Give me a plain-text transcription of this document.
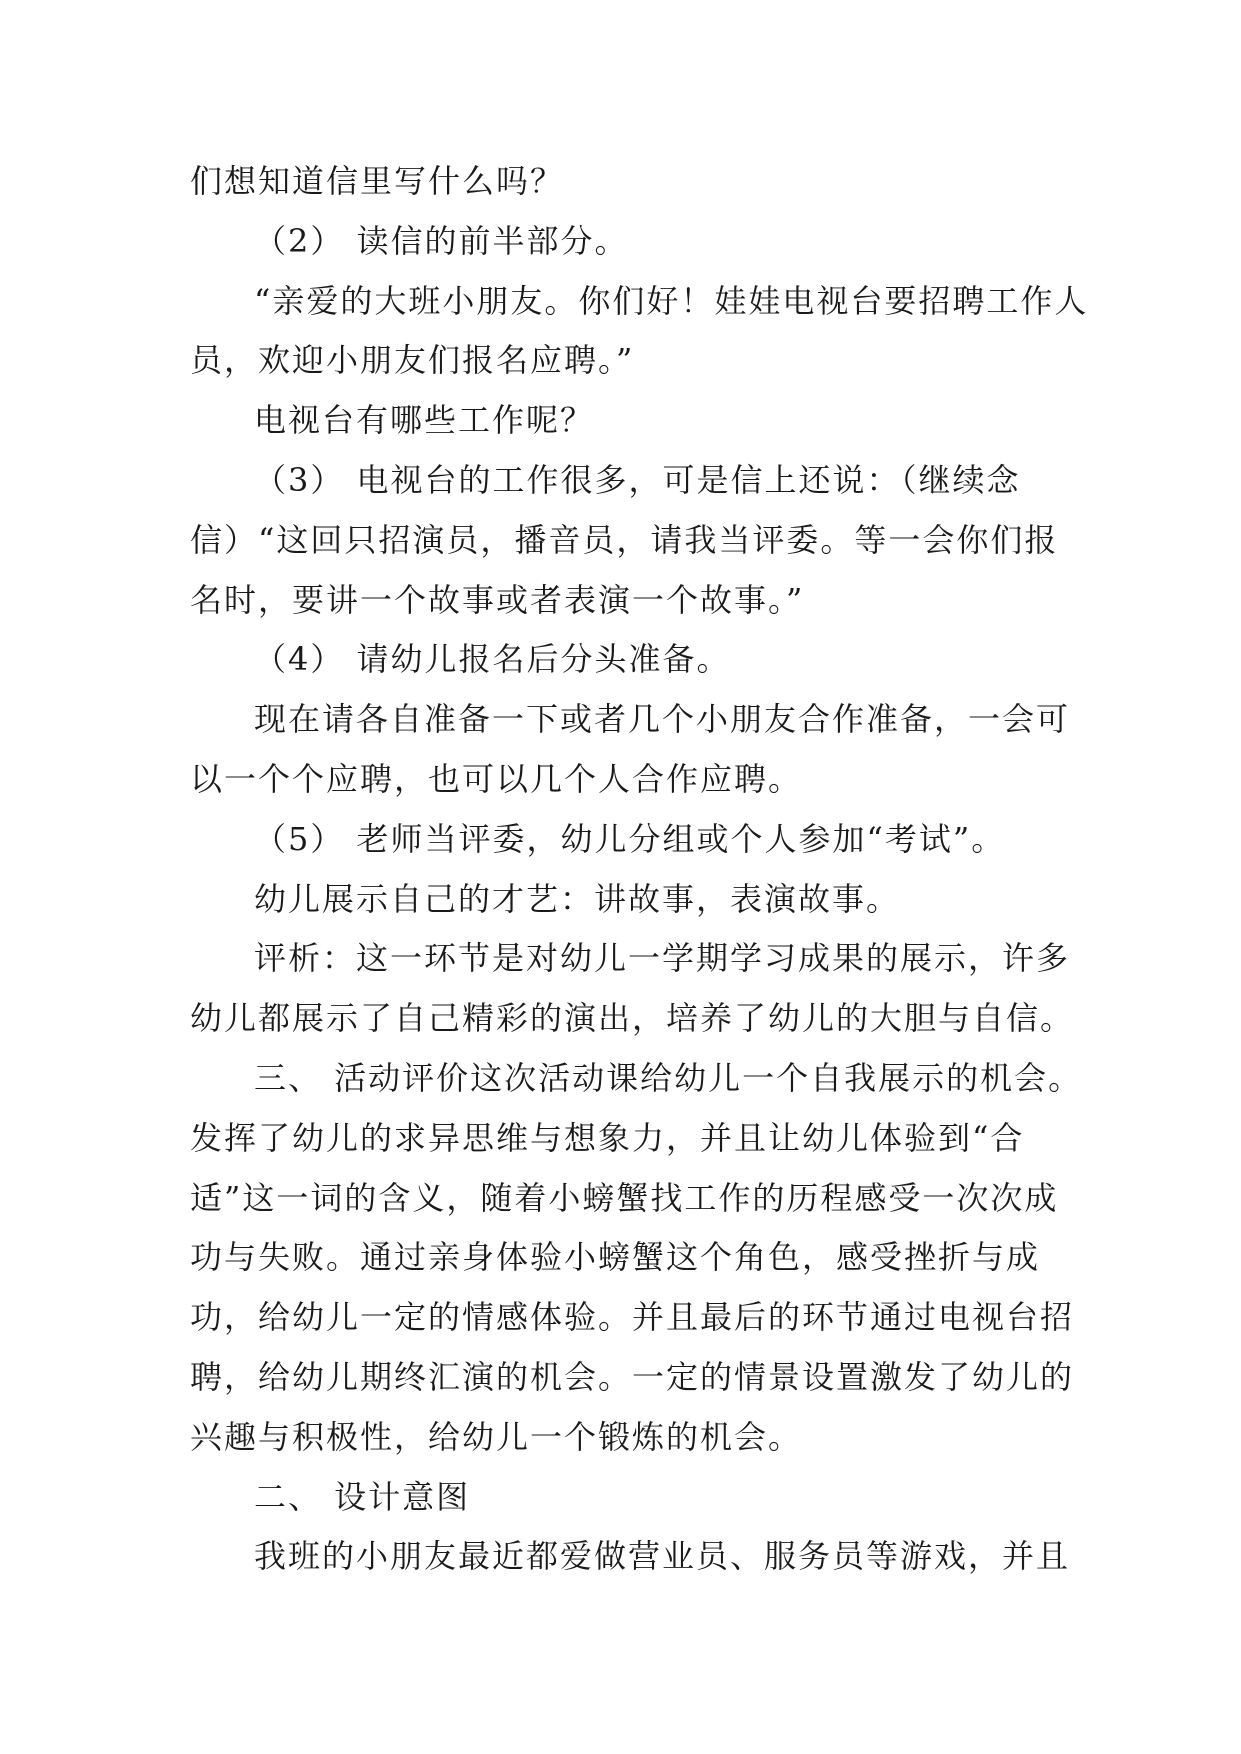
们想知道信里写什么吗？

（2） 读信的前半部分。

“亲爱的大班小朋友。你们好！娃娃电视台要招聘工作人员，欢迎小朋友们报名应聘。”

电视台有哪些工作呢？

（3） 电视台的工作很多，可是信上还说：（继续念信）“这回只招演员，播音员，请我当评委。等一会你们报名时，要讲一个故事或者表演一个故事。”

（4） 请幼儿报名后分头准备。

现在请各自准备一下或者几个小朋友合作准备，一会可以一个个应聘，也可以几个人合作应聘。

（5） 老师当评委，幼儿分组或个人参加“考试”。

幼儿展示自己的才艺：讲故事，表演故事。

评析：这一环节是对幼儿一学期学习成果的展示，许多幼儿都展示了自己精彩的演出，培养了幼儿的大胆与自信。

三、 活动评价这次活动课给幼儿一个自我展示的机会。发挥了幼儿的求异思维与想象力，并且让幼儿体验到“合适”这一词的含义，随着小螃蟹找工作的历程感受一次次成功与失败。通过亲身体验小螃蟹这个角色，感受挫折与成功，给幼儿一定的情感体验。并且最后的环节通过电视台招聘，给幼儿期终汇演的机会。一定的情景设置激发了幼儿的兴趣与积极性，给幼儿一个锻炼的机会。

二、 设计意图

我班的小朋友最近都爱做营业员、服务员等游戏，并且
